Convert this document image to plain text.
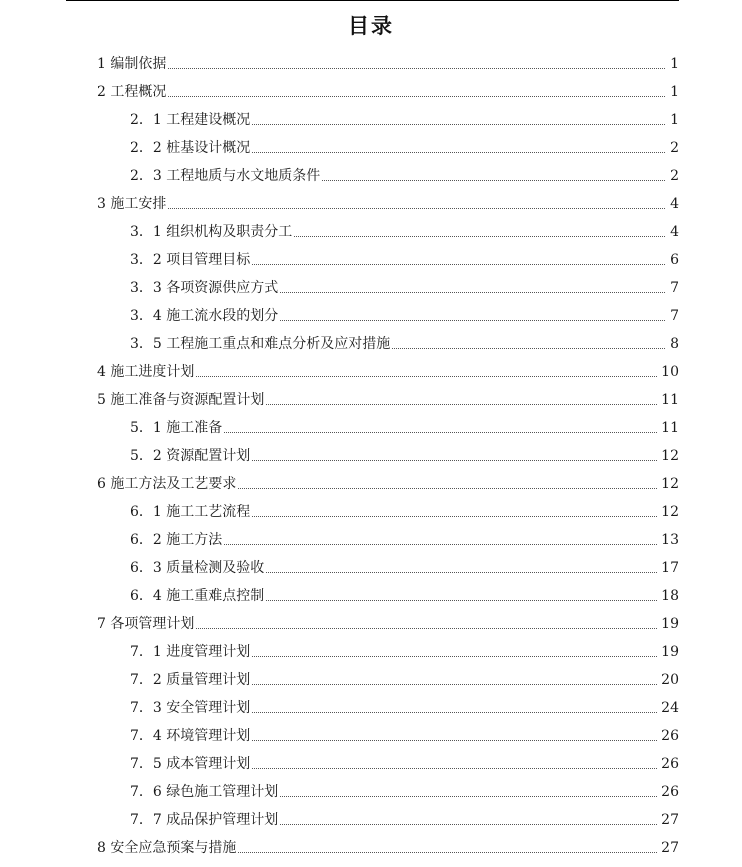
目录
1 编制依据	1
2 工程概况	1
2．1 工程建设概况	1
2．2 桩基设计概况	2
2．3 工程地质与水文地质条件	2
3 施工安排	4
3．1 组织机构及职责分工	4
3．2 项目管理目标	6
3．3 各项资源供应方式	7
3．4 施工流水段的划分	7
3．5 工程施工重点和难点分析及应对措施	8
4 施工进度计划	10
5 施工准备与资源配置计划	11
5．1 施工准备	11
5．2 资源配置计划	12
6 施工方法及工艺要求	12
6．1 施工工艺流程	12
6．2 施工方法	13
6．3 质量检测及验收	17
6．4 施工重难点控制	18
7 各项管理计划	19
7．1 进度管理计划	19
7．2 质量管理计划	20
7．3 安全管理计划	24
7．4 环境管理计划	26
7．5 成本管理计划	26
7．6 绿色施工管理计划	26
7．7 成品保护管理计划	27
8 安全应急预案与措施	27
